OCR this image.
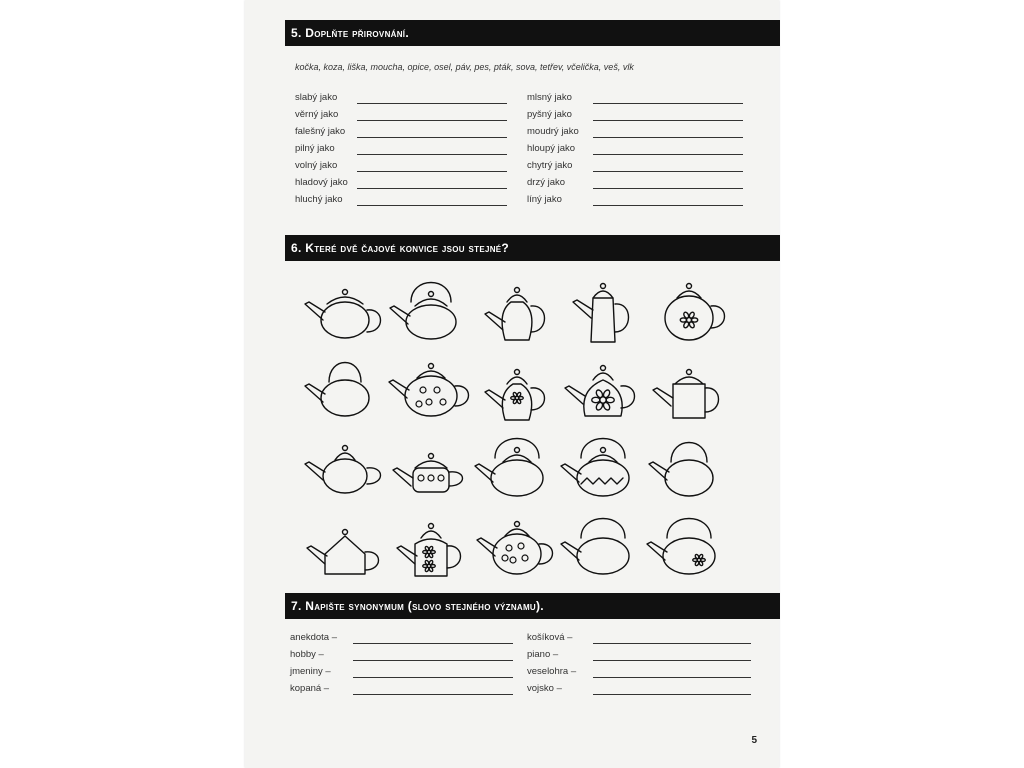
5. Doplňte přirovnání.
kočka, koza, liška, moucha, opice, osel, páv, pes, pták, sova, tetřev, včelička, veš, vlk
slabý jako
věrný jako
falešný jako
pilný jako
volný jako
hladový jako
hluchý jako
mlsný jako
pyšný jako
moudrý jako
hloupý jako
chytrý jako
drzý jako
líný jako
6. Které dvě čajové konvice jsou stejné?
7. Napište synonymum (slovo stejného významu).
anekdota –
hobby –
jmeniny –
kopaná –
košíková –
piano –
veselohra –
vojsko –
5
